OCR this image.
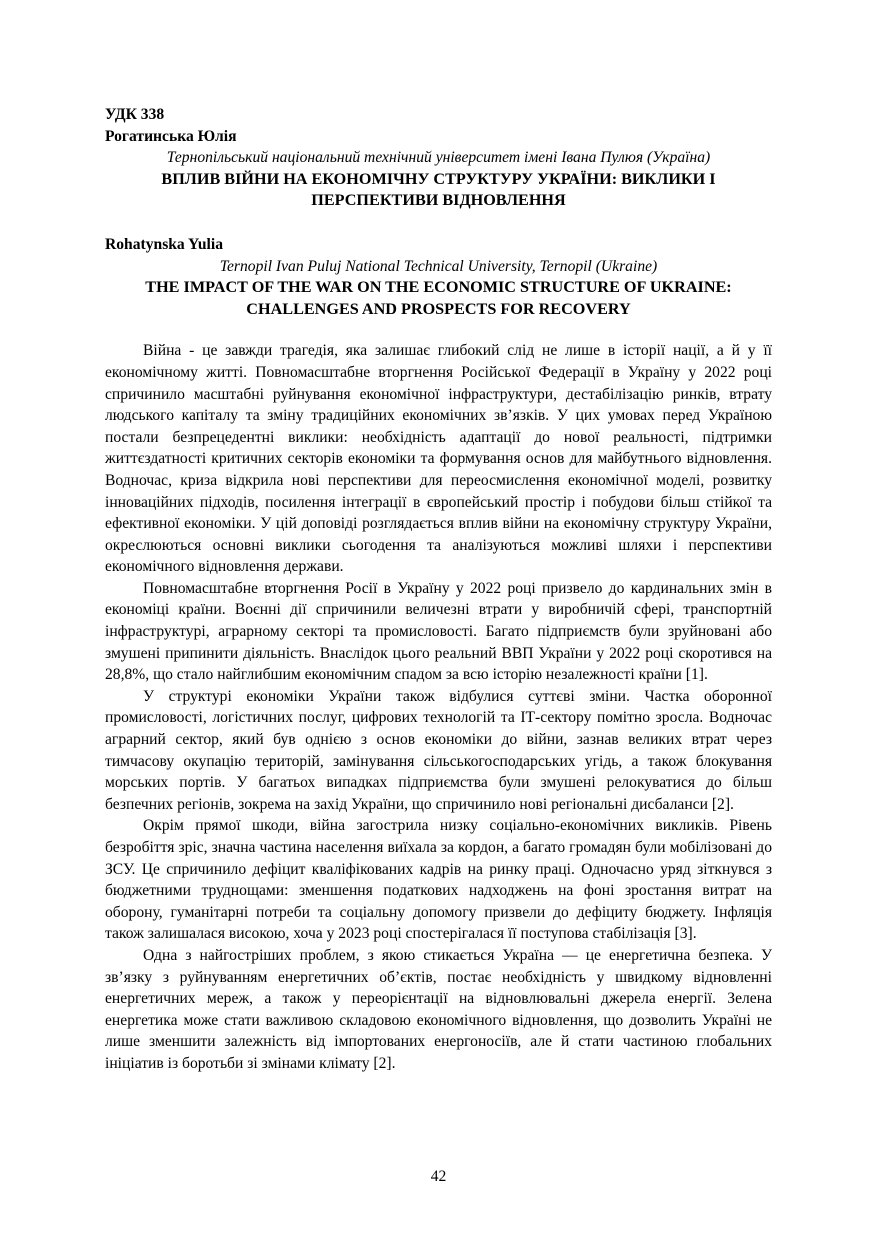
УДК 338

Рогатинська Юлія

Тернопільський національний технічний університет імені Івана Пулюя (Україна)

ВПЛИВ ВІЙНИ НА ЕКОНОМІЧНУ СТРУКТУРУ УКРАЇНИ: ВИКЛИКИ І ПЕРСПЕКТИВИ ВІДНОВЛЕННЯ

Rohatynska Yulia

Ternopil Ivan Puluj National Technical University, Ternopil (Ukraine)

THE IMPACT OF THE WAR ON THE ECONOMIC STRUCTURE OF UKRAINE: CHALLENGES AND PROSPECTS FOR RECOVERY

Війна - це завжди трагедія, яка залишає глибокий слід не лише в історії нації, а й у її економічному житті. Повномасштабне вторгнення Російської Федерації в Україну у 2022 році спричинило масштабні руйнування економічної інфраструктури, дестабілізацію ринків, втрату людського капіталу та зміну традиційних економічних зв’язків. У цих умовах перед Україною постали безпрецедентні виклики: необхідність адаптації до нової реальності, підтримки життєздатності критичних секторів економіки та формування основ для майбутнього відновлення. Водночас, криза відкрила нові перспективи для переосмислення економічної моделі, розвитку інноваційних підходів, посилення інтеграції в європейський простір і побудови більш стійкої та ефективної економіки. У цій доповіді розглядається вплив війни на економічну структуру України, окреслюються основні виклики сьогодення та аналізуються можливі шляхи і перспективи економічного відновлення держави.

Повномасштабне вторгнення Росії в Україну у 2022 році призвело до кардинальних змін в економіці країни. Воєнні дії спричинили величезні втрати у виробничій сфері, транспортній інфраструктурі, аграрному секторі та промисловості. Багато підприємств були зруйновані або змушені припинити діяльність. Внаслідок цього реальний ВВП України у 2022 році скоротився на 28,8%, що стало найглибшим економічним спадом за всю історію незалежності країни [1].

У структурі економіки України також відбулися суттєві зміни. Частка оборонної промисловості, логістичних послуг, цифрових технологій та ІТ-сектору помітно зросла. Водночас аграрний сектор, який був однією з основ економіки до війни, зазнав великих втрат через тимчасову окупацію територій, замінування сільськогосподарських угідь, а також блокування морських портів. У багатьох випадках підприємства були змушені релокуватися до більш безпечних регіонів, зокрема на захід України, що спричинило нові регіональні дисбаланси [2].

Окрім прямої шкоди, війна загострила низку соціально-економічних викликів. Рівень безробіття зріс, значна частина населення виїхала за кордон, а багато громадян були мобілізовані до ЗСУ. Це спричинило дефіцит кваліфікованих кадрів на ринку праці. Одночасно уряд зіткнувся з бюджетними труднощами: зменшення податкових надходжень на фоні зростання витрат на оборону, гуманітарні потреби та соціальну допомогу призвели до дефіциту бюджету. Інфляція також залишалася високою, хоча у 2023 році спостерігалася її поступова стабілізація [3].

Одна з найгостріших проблем, з якою стикається Україна — це енергетична безпека. У зв’язку з руйнуванням енергетичних об’єктів, постає необхідність у швидкому відновленні енергетичних мереж, а також у переорієнтації на відновлювальні джерела енергії. Зелена енергетика може стати важливою складовою економічного відновлення, що дозволить Україні не лише зменшити залежність від імпортованих енергоносіїв, але й стати частиною глобальних ініціатив із боротьби зі змінами клімату [2].

42
